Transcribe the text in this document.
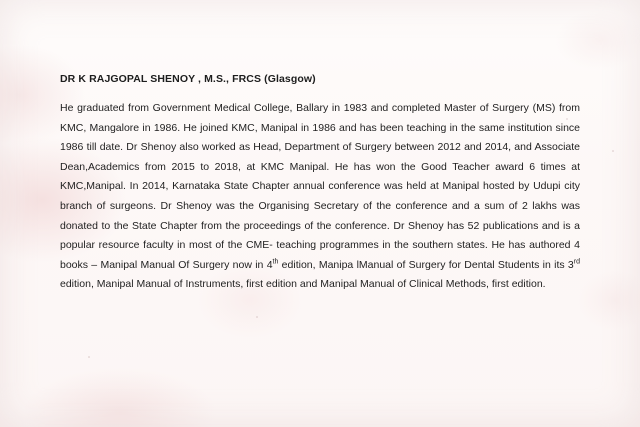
DR K RAJGOPAL SHENOY , M.S., FRCS (Glasgow)

He graduated from Government Medical College, Ballary in 1983 and completed Master of Surgery (MS) from KMC, Mangalore in 1986. He joined KMC, Manipal in 1986 and has been teaching in the same institution since 1986 till date. Dr Shenoy also worked as Head, Department of Surgery between 2012 and 2014, and Associate Dean,Academics from 2015 to 2018, at KMC Manipal. He has won the Good Teacher award 6 times at KMC,Manipal. In 2014, Karnataka State Chapter annual conference was held at Manipal hosted by Udupi city branch of surgeons. Dr Shenoy was the Organising Secretary of the conference and a sum of 2 lakhs was donated to the State Chapter from the proceedings of the conference. Dr Shenoy has 52 publications and is a popular resource faculty in most of the CME- teaching programmes in the southern states. He has authored 4 books – Manipal Manual Of Surgery now in 4th edition, Manipa lManual of Surgery for Dental Students in its 3rd edition, Manipal Manual of Instruments, first edition and Manipal Manual of Clinical Methods, first edition.
